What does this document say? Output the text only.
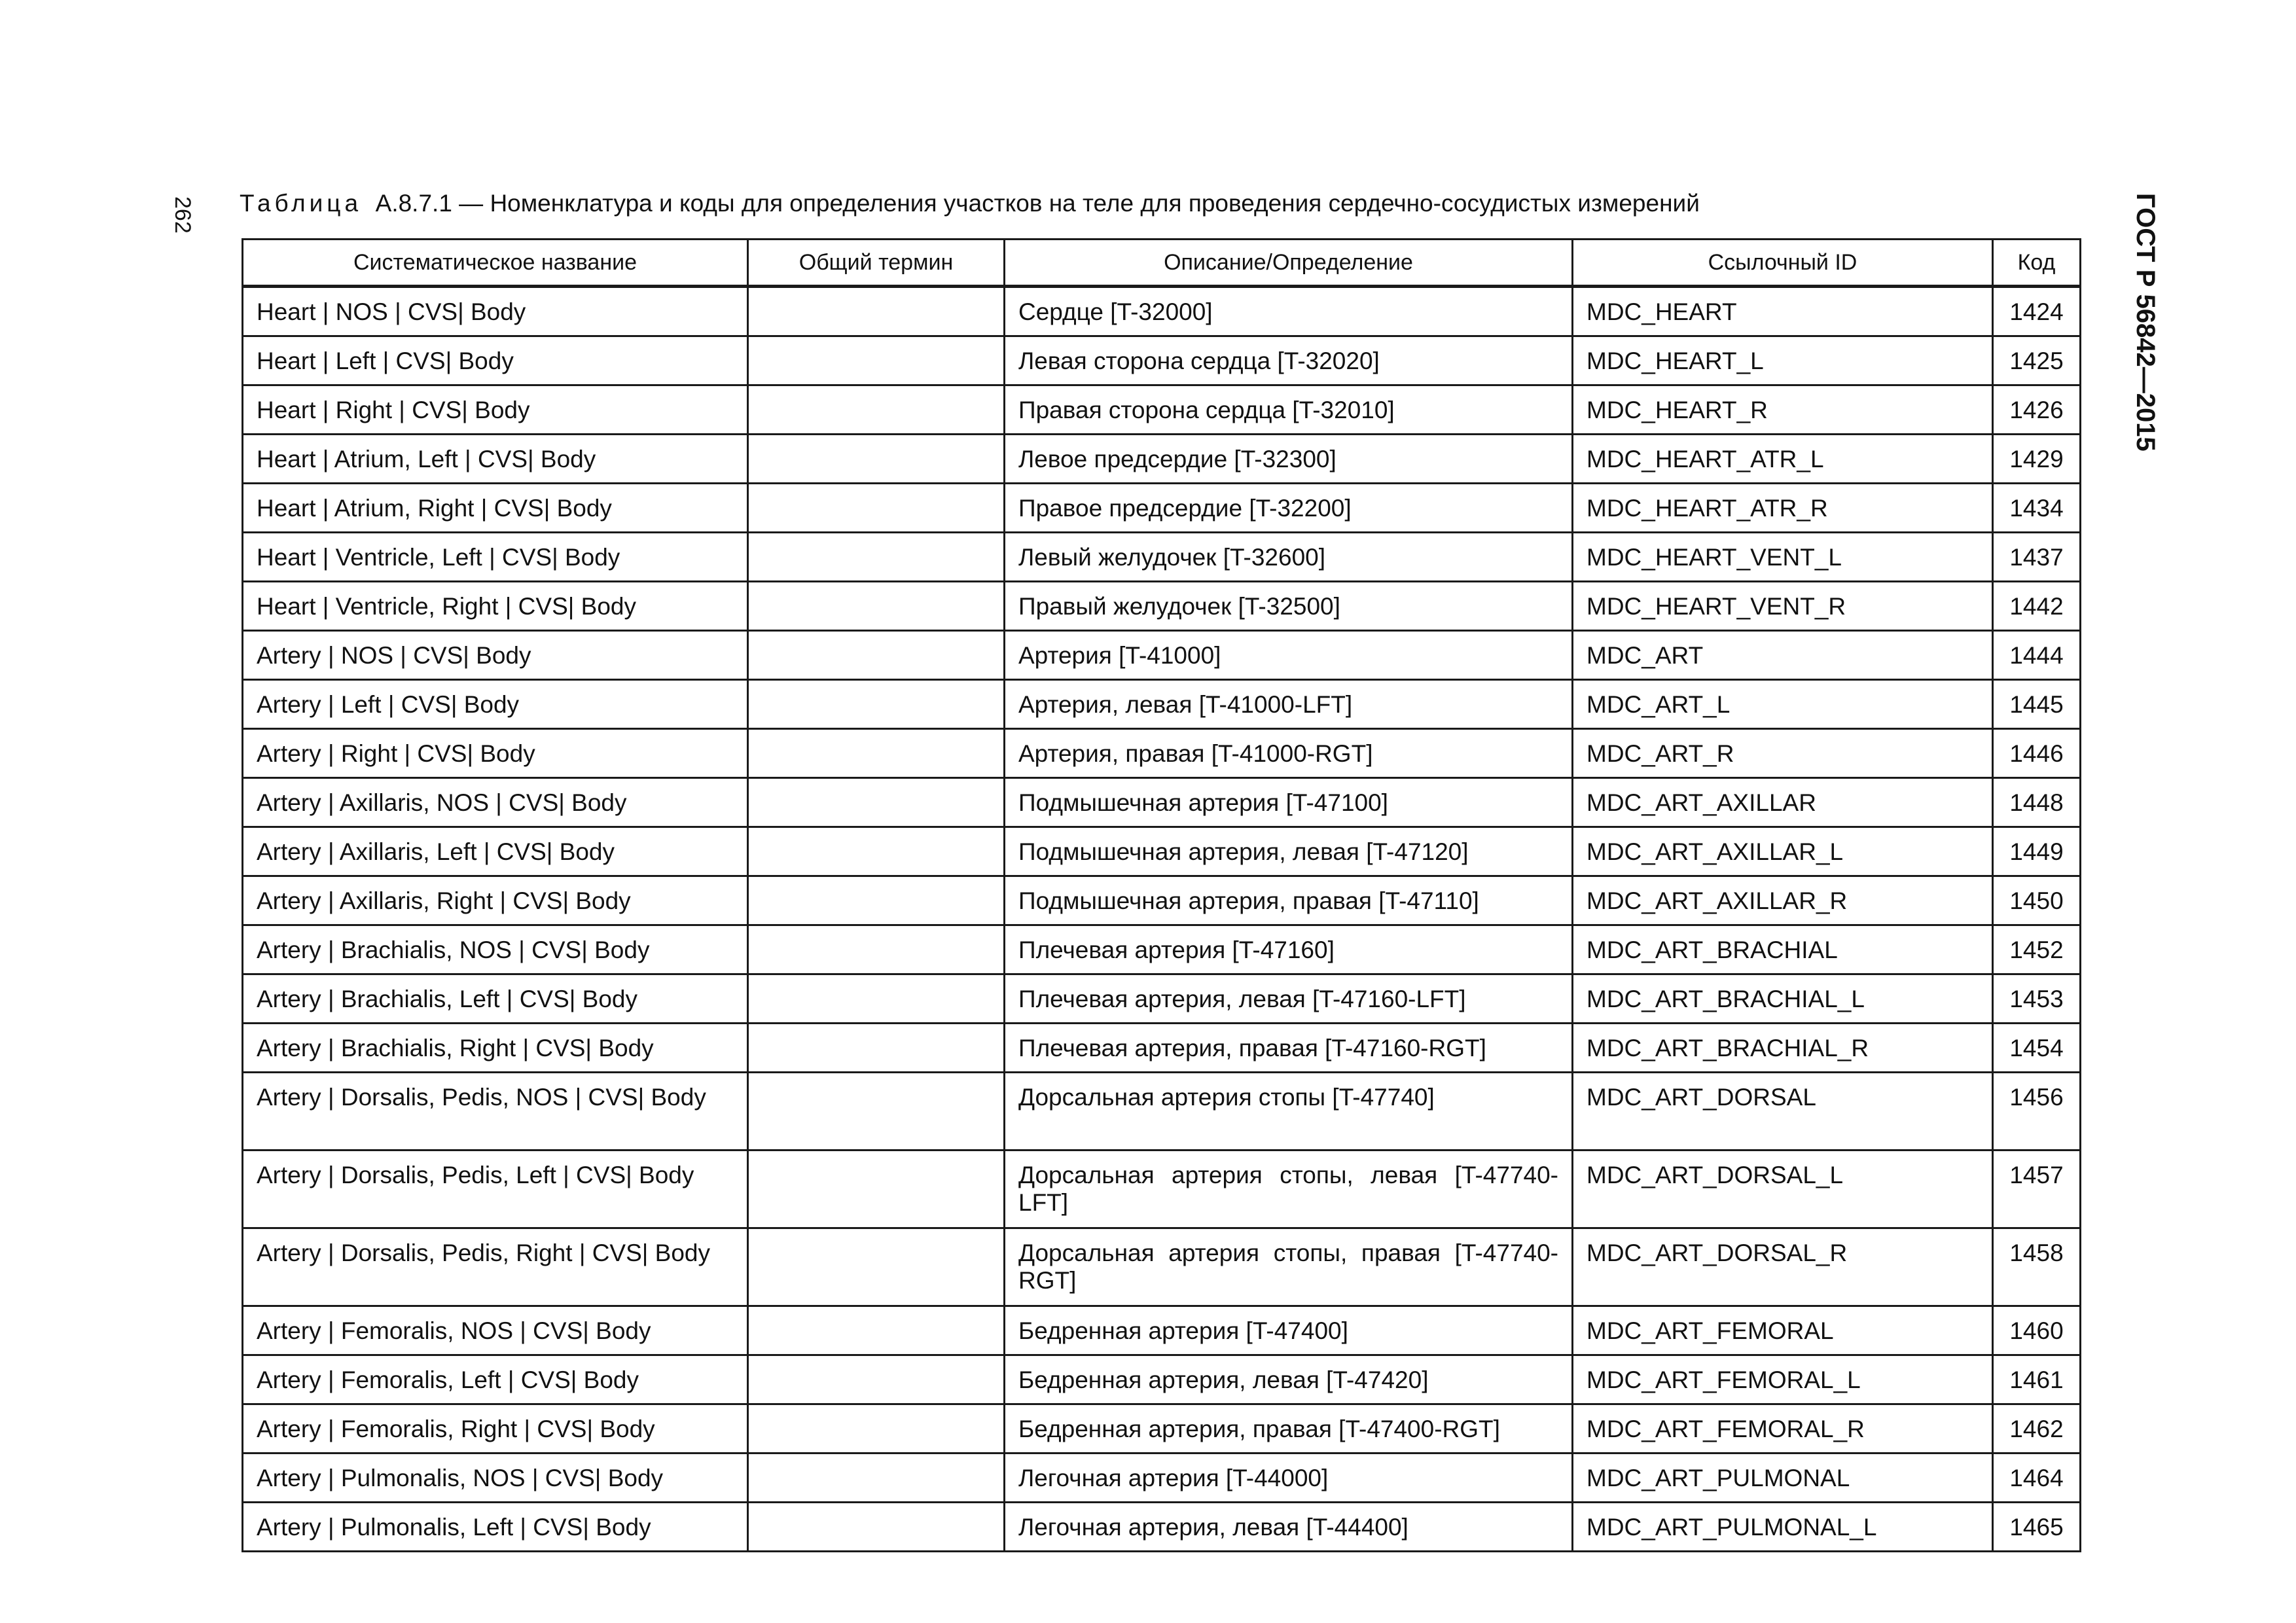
262	ГОСТ Р 56842—2015
Таблица А.8.7.1 — Номенклатура и коды для определения участков на теле для проведения сердечно-сосудистых измерений
Систематическое название	Общий термин	Описание/Определение	Ссылочный ID	Код
Heart | NOS | CVS| Body		Сердце [T-32000]	MDC_HEART	1424
Heart | Left | CVS| Body		Левая сторона сердца [T-32020]	MDC_HEART_L	1425
Heart | Right | CVS| Body		Правая сторона сердца [T-32010]	MDC_HEART_R	1426
Heart | Atrium, Left | CVS| Body		Левое предсердие [T-32300]	MDC_HEART_ATR_L	1429
Heart | Atrium, Right | CVS| Body		Правое предсердие [T-32200]	MDC_HEART_ATR_R	1434
Heart | Ventricle, Left | CVS| Body		Левый желудочек [T-32600]	MDC_HEART_VENT_L	1437
Heart | Ventricle, Right | CVS| Body		Правый желудочек [T-32500]	MDC_HEART_VENT_R	1442
Artery | NOS | CVS| Body		Артерия [T-41000]	MDC_ART	1444
Artery | Left | CVS| Body		Артерия, левая [T-41000-LFT]	MDC_ART_L	1445
Artery | Right | CVS| Body		Артерия, правая [T-41000-RGT]	MDC_ART_R	1446
Artery | Axillaris, NOS | CVS| Body		Подмышечная артерия [T-47100]	MDC_ART_AXILLAR	1448
Artery | Axillaris, Left | CVS| Body		Подмышечная артерия, левая [T-47120]	MDC_ART_AXILLAR_L	1449
Artery | Axillaris, Right | CVS| Body		Подмышечная артерия, правая [T-47110]	MDC_ART_AXILLAR_R	1450
Artery | Brachialis, NOS | CVS| Body		Плечевая артерия [T-47160]	MDC_ART_BRACHIAL	1452
Artery | Brachialis, Left | CVS| Body		Плечевая артерия, левая [T-47160-LFT]	MDC_ART_BRACHIAL_L	1453
Artery | Brachialis, Right | CVS| Body		Плечевая артерия, правая [T-47160-RGT]	MDC_ART_BRACHIAL_R	1454
Artery | Dorsalis, Pedis, NOS | CVS| Body		Дорсальная артерия стопы [T-47740]	MDC_ART_DORSAL	1456
Artery | Dorsalis, Pedis, Left | CVS| Body		Дорсальная артерия стопы, левая [T-47740-LFT]	MDC_ART_DORSAL_L	1457
Artery | Dorsalis, Pedis, Right | CVS| Body		Дорсальная артерия стопы, правая [T-47740-RGT]	MDC_ART_DORSAL_R	1458
Artery | Femoralis, NOS | CVS| Body		Бедренная артерия [T-47400]	MDC_ART_FEMORAL	1460
Artery | Femoralis, Left | CVS| Body		Бедренная артерия, левая [T-47420]	MDC_ART_FEMORAL_L	1461
Artery | Femoralis, Right | CVS| Body		Бедренная артерия, правая [T-47400-RGT]	MDC_ART_FEMORAL_R	1462
Artery | Pulmonalis, NOS | CVS| Body		Легочная артерия [T-44000]	MDC_ART_PULMONAL	1464
Artery | Pulmonalis, Left | CVS| Body		Легочная артерия, левая [T-44400]	MDC_ART_PULMONAL_L	1465
